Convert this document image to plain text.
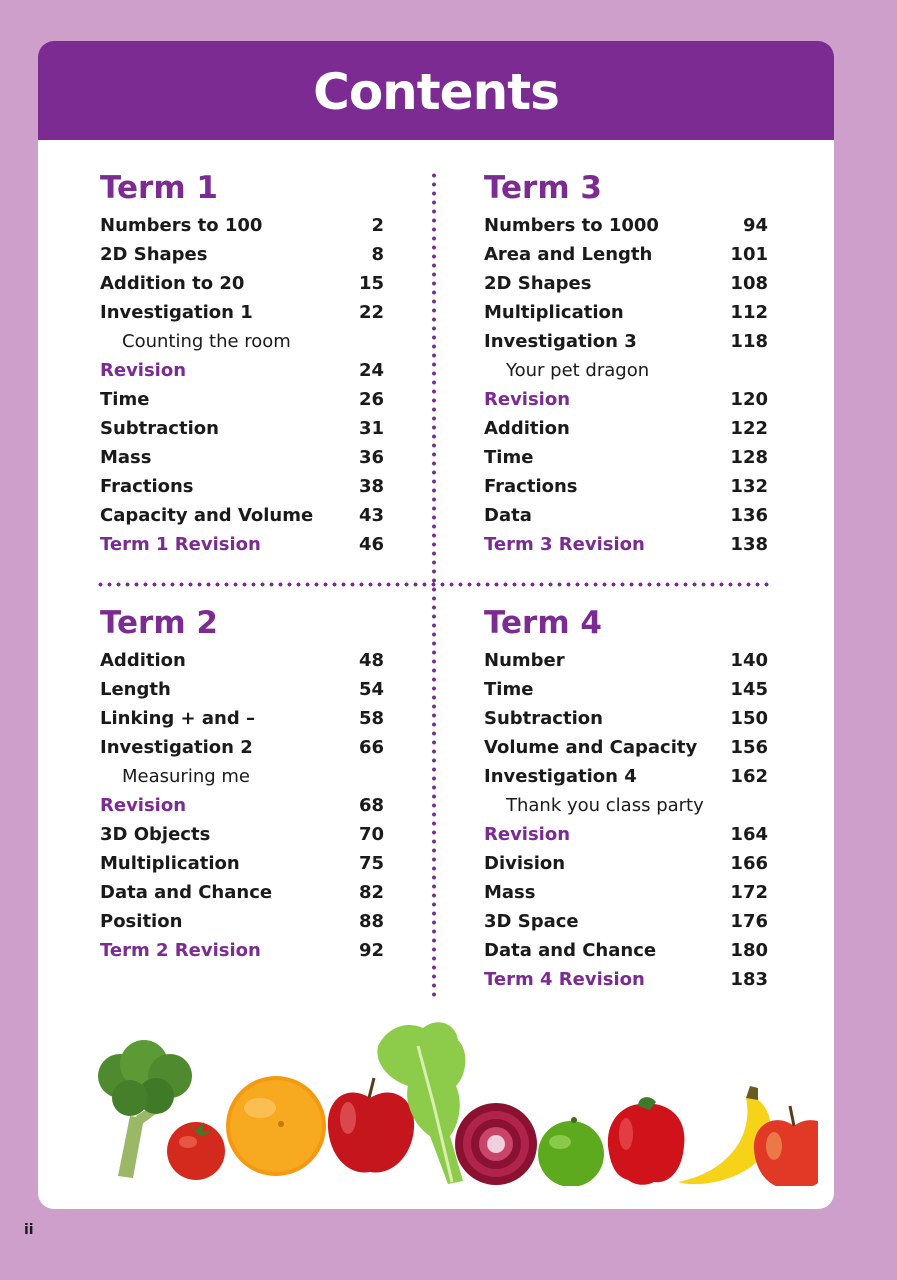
Contents
Term 1
Numbers to 100	2
2D Shapes	8
Addition to 20	15
Investigation 1	22
Counting the room
Revision	24
Time	26
Subtraction	31
Mass	36
Fractions	38
Capacity and Volume	43
Term 1 Revision	46
Term 3
Numbers to 1000	94
Area and Length	101
2D Shapes	108
Multiplication	112
Investigation 3	118
Your pet dragon
Revision	120
Addition	122
Time	128
Fractions	132
Data	136
Term 3 Revision	138
Term 2
Addition	48
Length	54
Linking + and –	58
Investigation 2	66
Measuring me
Revision	68
3D Objects	70
Multiplication	75
Data and Chance	82
Position	88
Term 2 Revision	92
Term 4
Number	140
Time	145
Subtraction	150
Volume and Capacity 156
Investigation 4	162
Thank you class party
Revision	164
Division	166
Mass	172
3D Space	176
Data and Chance	180
Term 4 Revision	183
ii
